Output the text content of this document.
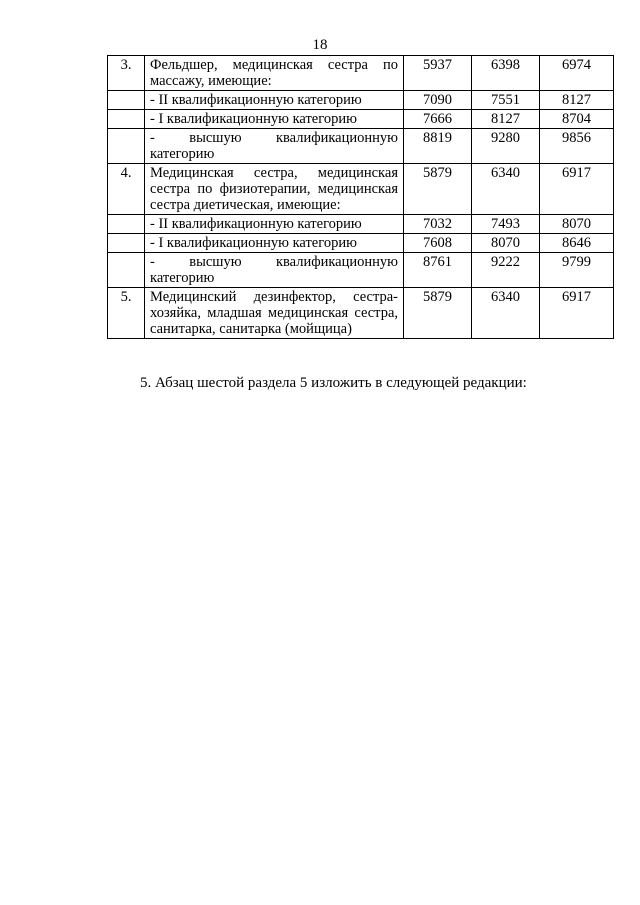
18
3.	Фельдшер, медицинская сестра по массажу, имеющие:	5937	6398	6974
	- II квалификационную категорию	7090	7551	8127
	- I квалификационную категорию	7666	8127	8704

	- высшую квалификационную категорию	8819	9280	9856
4.	Медицинская сестра, медицинская сестра по физиотерапии, медицинская сестра диетическая, имеющие:	5879	6340	6917
	- II квалификационную категорию	7032	7493	8070
	- I квалификационную категорию	7608	8070	8646
	- высшую квалификационную категорию	8761	9222	9799
5.	Медицинский дезинфектор, сестра-хозяйка, младшая медицинская сестра, санитарка, санитарка (мойщица)	5879	6340	6917
5. Абзац шестой раздела 5 изложить в следующей редакции:
